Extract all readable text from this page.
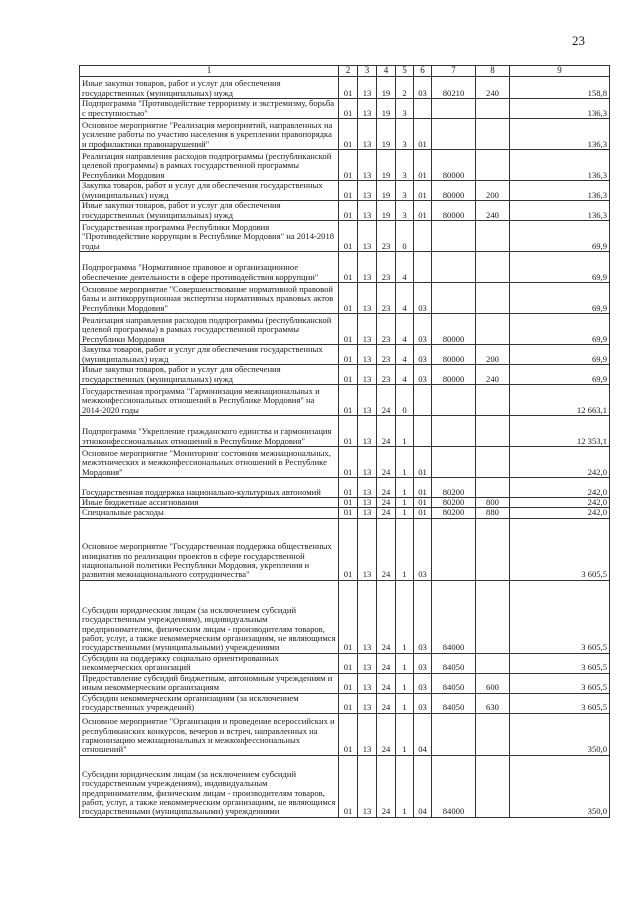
23
1	2	3	4	5	6	7	8	9
Иные закупки товаров, работ и услуг для обеспечения государственных (муниципальных) нужд	01	13	19	2	03	80210	240	158,8
Подпрограмма "Противодействие терроризму и экстремизму, борьба с преступностью"	01	13	19	3				136,3
Основное мероприятие "Реализация мероприятий, направленных на усиление работы по участию населения в укреплении правопорядка и профилактики правонарушений"	01	13	19	3	01			136,3
Реализация направления расходов подпрограммы (республиканской целевой программы) в рамках государственной программы Республики Мордовия	01	13	19	3	01	80000		136,3
Закупка товаров, работ и услуг для обеспечения государственных (муниципальных) нужд	01	13	19	3	01	80000	200	136,3
Иные закупки товаров, работ и услуг для обеспечения государственных (муниципальных) нужд	01	13	19	3	01	80000	240	136,3
Государственная программа Республики Мордовия "Противодействие коррупции в Республике Мордовия" на 2014-2018 годы	01	13	23	0				69,9
Подпрограмма "Нормативное правовое и организационное обеспечение деятельности в сфере противодействия коррупции"	01	13	23	4				69,9
Основное мероприятие "Совершенствование нормативной правовой базы и антикоррупционная экспертиза нормативных правовых актов Республики Мордовия"	01	13	23	4	03			69,9
Реализация направления расходов подпрограммы (республиканской целевой программы) в рамках государственной программы Республики Мордовия	01	13	23	4	03	80000		69,9
Закупка товаров, работ и услуг для обеспечения государственных (муниципальных) нужд	01	13	23	4	03	80000	200	69,9
Иные закупки товаров, работ и услуг для обеспечения государственных (муниципальных) нужд	01	13	23	4	03	80000	240	69,9
Государственная программа "Гармонизация межнациональных и межконфессиональных отношений в Республике Мордовия" на 2014-2020 годы	01	13	24	0				12 663,1
Подпрограмма "Укрепление гражданского единства и гармонизация этноконфессиональных отношений в Республике Мордовия"	01	13	24	1				12 353,1
Основное мероприятие "Мониторинг состояния межнациональных, межэтнических и межконфессиональных отношений в Республике Мордовия"	01	13	24	1	01			242,0
Государственная поддержка национально-культурных автономий	01	13	24	1	01	80200		242,0
Иные бюджетные ассигнования	01	13	24	1	01	80200	800	242,0
Специальные расходы	01	13	24	1	01	80200	880	242,0
Основное мероприятие "Государственная поддержка общественных инициатив по реализации проектов в сфере государственной национальной политики Республики Мордовия, укрепления и развития межнационального сотрудничества"	01	13	24	1	03			3 605,5
Субсидии юридическим лицам (за исключением субсидий государственным учреждениям), индивидуальным предпринимателям, физическим лицам - производителям товаров, работ, услуг, а также некоммерческим организациям, не являющимся государственными (муниципальными) учреждениями	01	13	24	1	03	84000		3 605,5
Субсидии на поддержку социально ориентированных некоммерческих организаций	01	13	24	1	03	84050		3 605,5
Предоставление субсидий бюджетным, автономным учреждениям и иным некоммерческим организациям	01	13	24	1	03	84050	600	3 605,5
Субсидии некоммерческим организациям (за исключением государственных учреждений)	01	13	24	1	03	84050	630	3 605,5
Основное мероприятие "Организация и проведение всероссийских и республиканских конкурсов, вечеров и встреч, направленных на гармонизацию межнациональных и межконфессиональных отношений"	01	13	24	1	04			350,0
Субсидии юридическим лицам (за исключением субсидий государственным учреждениям), индивидуальным предпринимателям, физическим лицам - производителям товаров, работ, услуг, а также некоммерческим организациям, не являющимся государственными (муниципальными) учреждениями	01	13	24	1	04	84000		350,0
